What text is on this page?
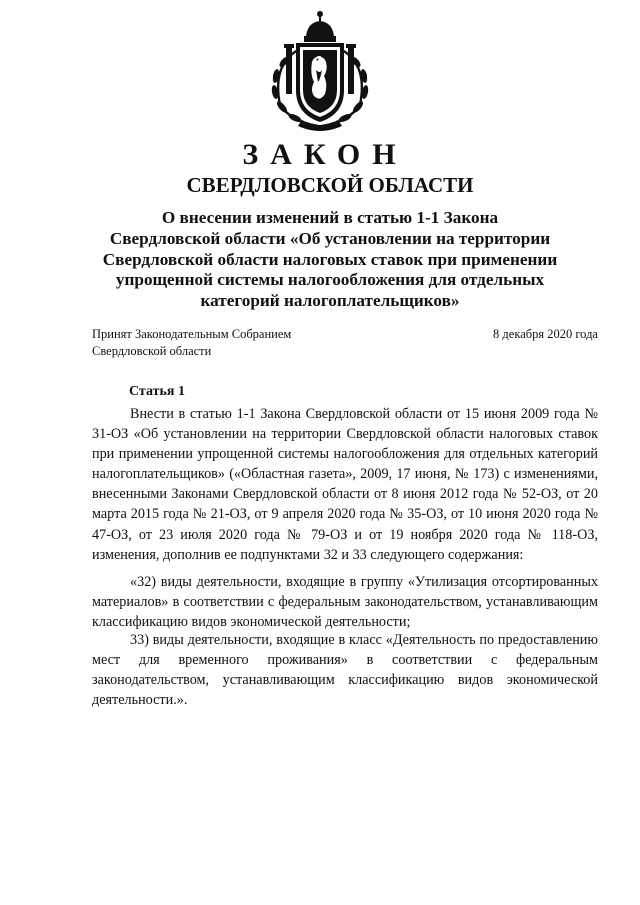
ЗАКОН
СВЕРДЛОВСКОЙ ОБЛАСТИ
О внесении изменений в статью 1-1 Закона
Свердловской области «Об установлении на территории
Свердловской области налоговых ставок при применении
упрощенной системы налогообложения для отдельных
категорий налогоплательщиков»
Принят Законодательным Собранием
Свердловской области
8 декабря 2020 года
Статья 1
Внести в статью 1-1 Закона Свердловской области от 15 июня 2009 года № 31-ОЗ «Об установлении на территории Свердловской области налоговых ставок при применении упрощенной системы налогообложения для отдельных категорий налогоплательщиков» («Областная газета», 2009, 17 июня, № 173) с изменениями, внесенными Законами Свердловской области от 8 июня 2012 года № 52-ОЗ, от 20 марта 2015 года № 21-ОЗ, от 9 апреля 2020 года № 35-ОЗ, от 10 июня 2020 года № 47-ОЗ, от 23 июля 2020 года № 79-ОЗ и от 19 ноября 2020 года № 118-ОЗ, изменения, дополнив ее подпунктами 32 и 33 следующего содержания:
«32) виды деятельности, входящие в группу «Утилизация отсортированных материалов» в соответствии с федеральным законодательством, устанавливающим классификацию видов экономической деятельности;
33) виды деятельности, входящие в класс «Деятельность по предоставлению мест для временного проживания» в соответствии с федеральным законодательством, устанавливающим классификацию видов экономической деятельности.».
